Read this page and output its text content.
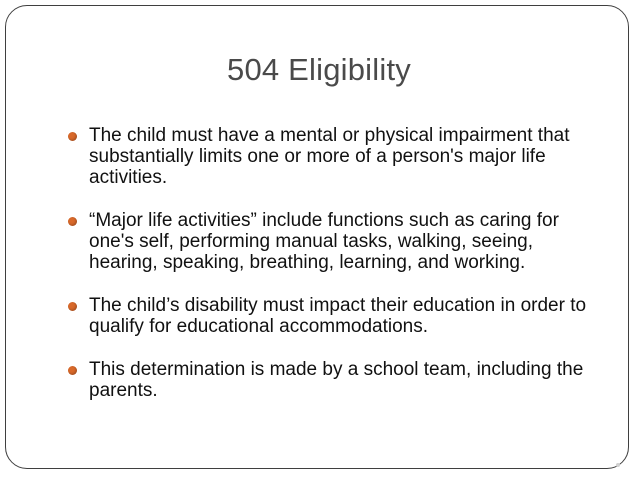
504 Eligibility
The child must have a mental or physical impairment that substantially limits one or more of a person's major life activities.
“Major life activities” include functions such as caring for one's self, performing manual tasks, walking, seeing, hearing, speaking, breathing, learning, and working.
The child’s disability must impact their education in order to qualify for educational accommodations.
This determination is made by a school team, including the parents.
